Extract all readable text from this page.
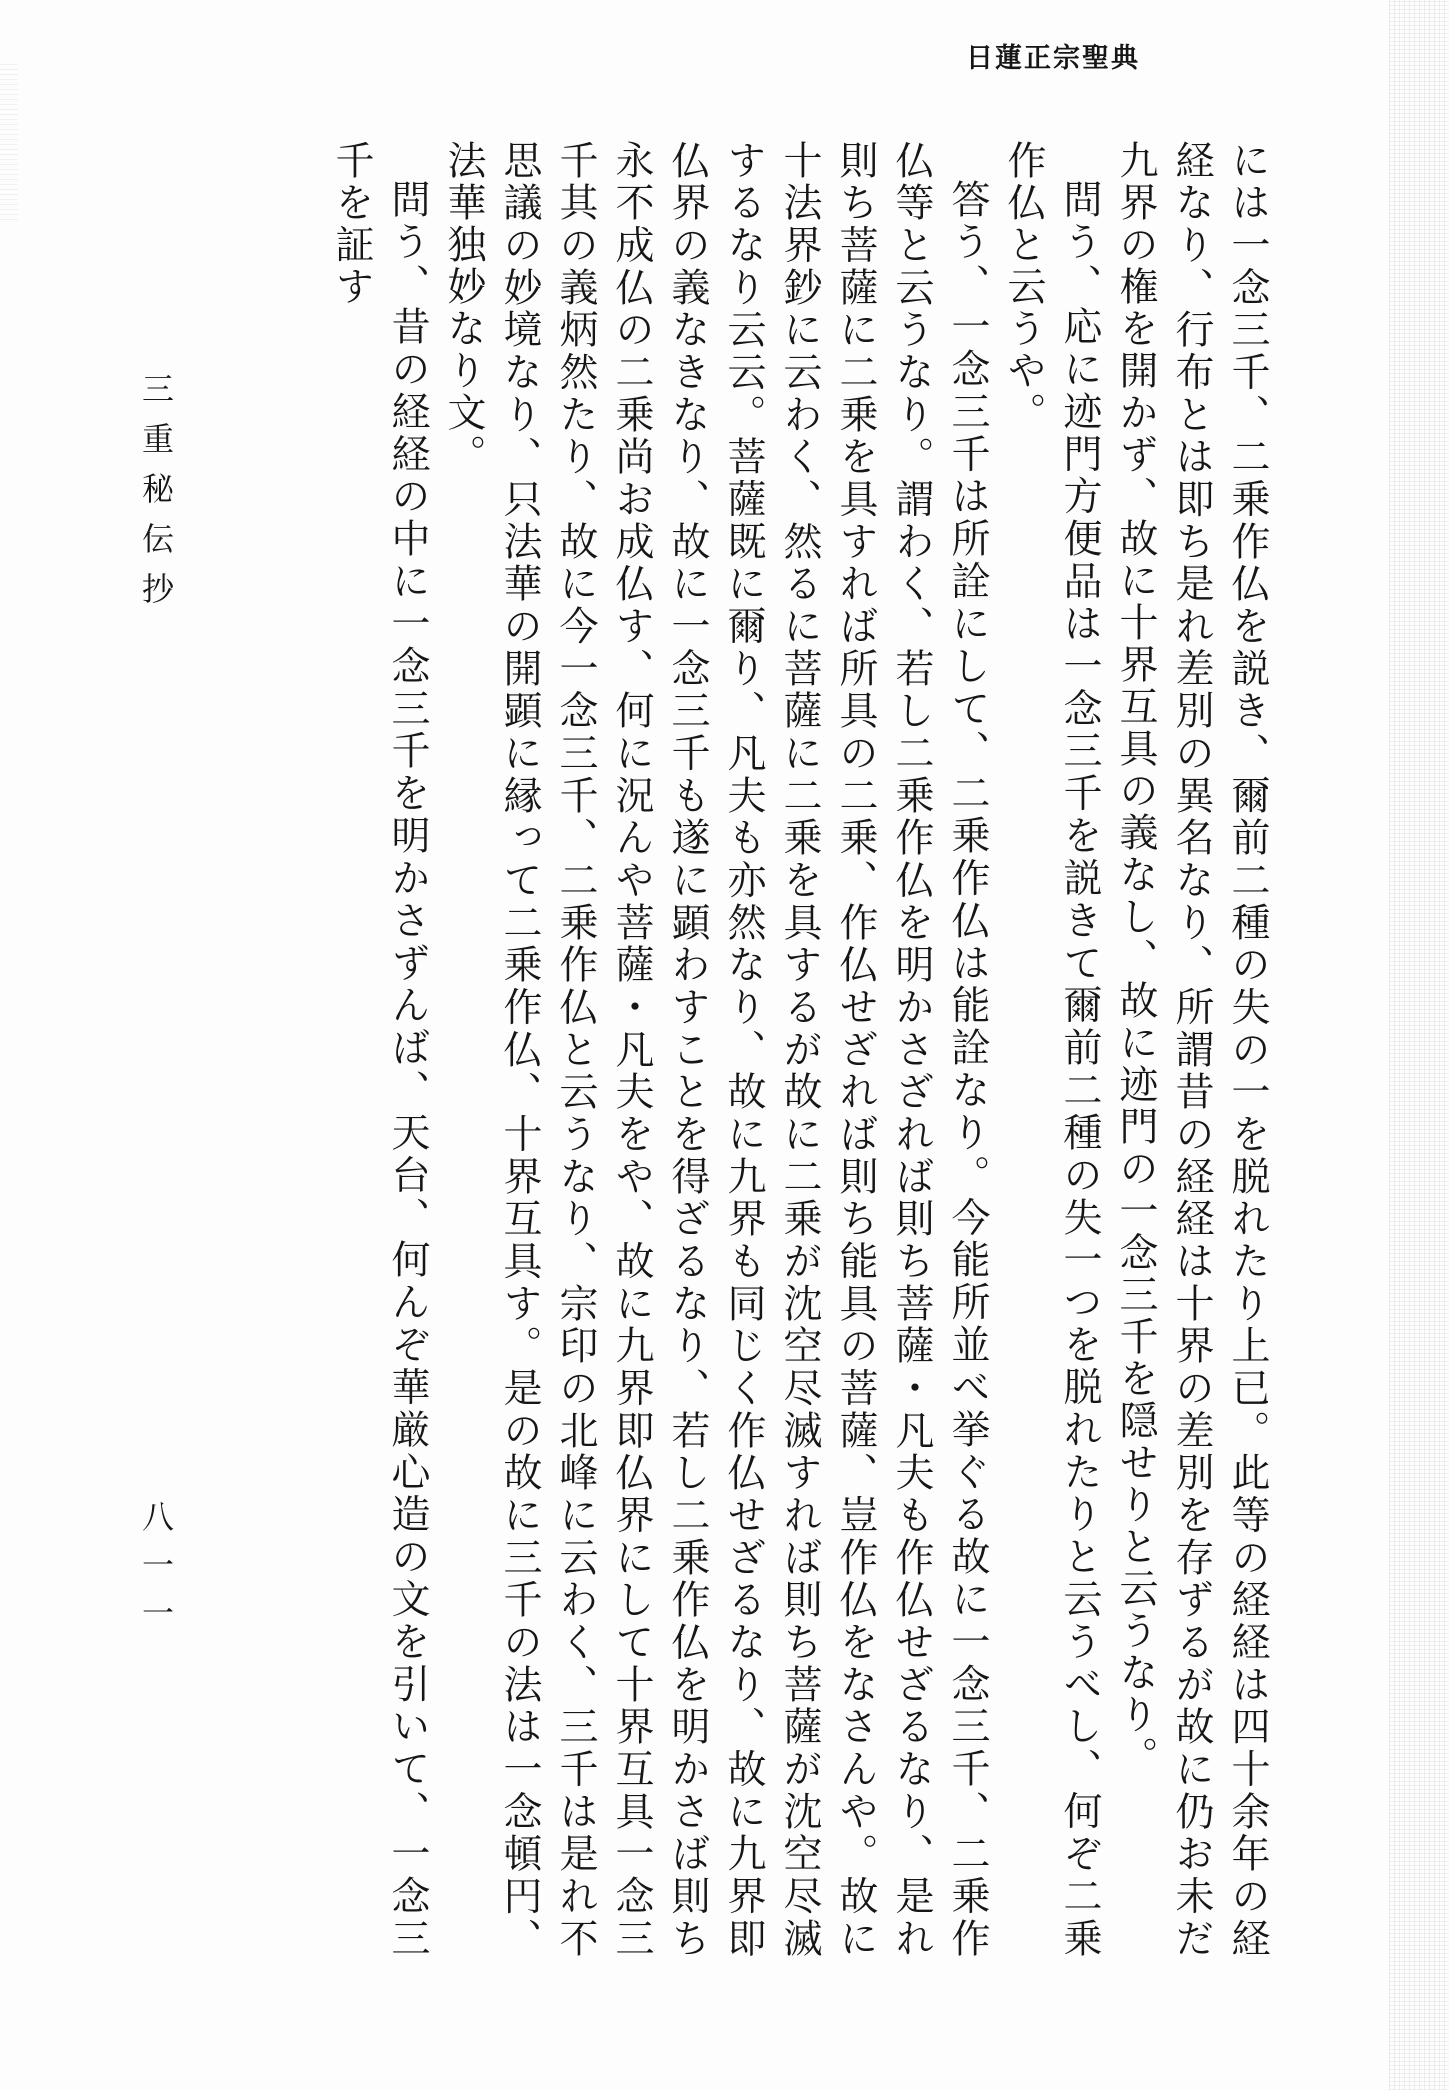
日蓮正宗聖典

には一念三千、二乗作仏を説き、爾前二種の失の一を脱れたり上已。此等の経経は四十余年の経経なり、行布とは即ち是れ差別の異名なり、所謂昔の経経は十界の差別を存ずるが故に仍お未だ九界の権を開かず、故に十界互具の義なし、故に迹門の一念三千を隠せりと云うなり。

問う、応に迹門方便品は一念三千を説きて爾前二種の失一つを脱れたりと云うべし、何ぞ二乗作仏と云うや。

答う、一念三千は所詮にして、二乗作仏は能詮なり。今能所並べ挙ぐる故に一念三千、二乗作仏等と云うなり。謂わく、若し二乗作仏を明かさざれば則ち菩薩・凡夫も作仏せざるなり、是れ則ち菩薩に二乗を具すれば所具の二乗、作仏せざれば則ち能具の菩薩、豈作仏をなさんや。故に十法界鈔に云わく、然るに菩薩に二乗を具するが故に二乗が沈空尽滅すれば則ち菩薩が沈空尽滅するなり云云。菩薩既に爾り、凡夫も亦然なり、故に九界も同じく作仏せざるなり、故に九界即仏界の義なきなり、故に一念三千も遂に顕わすことを得ざるなり、若し二乗作仏を明かさば則ち永不成仏の二乗尚お成仏す、何に況んや菩薩・凡夫をや、故に九界即仏界にして十界互具一念三千其の義炳然たり、故に今一念三千、二乗作仏と云うなり、宗印の北峰に云わく、三千は是れ不思議の妙境なり、只法華の開顕に縁って二乗作仏、十界互具す。是の故に三千の法は一念頓円、法華独妙なり文。

問う、昔の経経の中に一念三千を明かさずんば、天台、何んぞ華厳心造の文を引いて、一念三千を証す

三重秘伝抄
八一一
